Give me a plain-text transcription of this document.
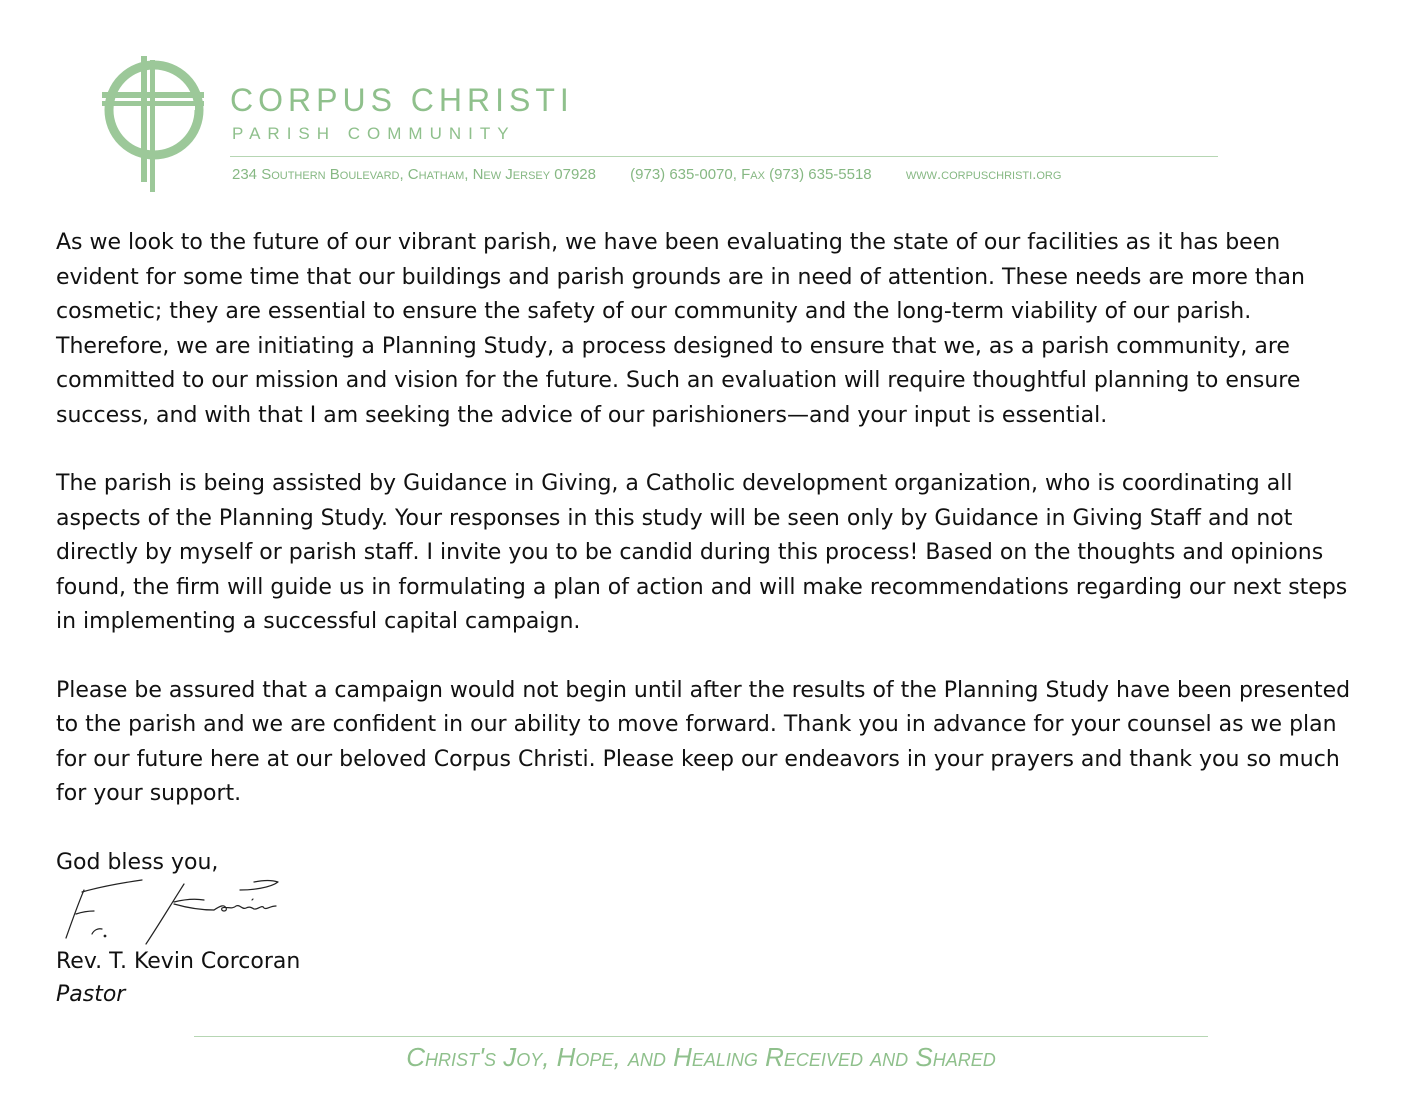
CORPUS CHRISTI
PARISH COMMUNITY
234 Southern Boulevard, Chatham, New Jersey 07928 (973) 635-0070, Fax (973) 635-5518 www.corpuschristi.org

As we look to the future of our vibrant parish, we have been evaluating the state of our facilities as it has been evident for some time that our buildings and parish grounds are in need of attention. These needs are more than cosmetic; they are essential to ensure the safety of our community and the long-term viability of our parish. Therefore, we are initiating a Planning Study, a process designed to ensure that we, as a parish community, are committed to our mission and vision for the future. Such an evaluation will require thoughtful planning to ensure success, and with that I am seeking the advice of our parishioners—and your input is essential.

The parish is being assisted by Guidance in Giving, a Catholic development organization, who is coordinating all aspects of the Planning Study. Your responses in this study will be seen only by Guidance in Giving Staff and not directly by myself or parish staff. I invite you to be candid during this process! Based on the thoughts and opinions found, the firm will guide us in formulating a plan of action and will make recommendations regarding our next steps in implementing a successful capital campaign.

Please be assured that a campaign would not begin until after the results of the Planning Study have been presented to the parish and we are confident in our ability to move forward. Thank you in advance for your counsel as we plan for our future here at our beloved Corpus Christi. Please keep our endeavors in your prayers and thank you so much for your support.

God bless you,
Rev. T. Kevin Corcoran
Pastor
Christ's Joy, Hope, and Healing Received and Shared
